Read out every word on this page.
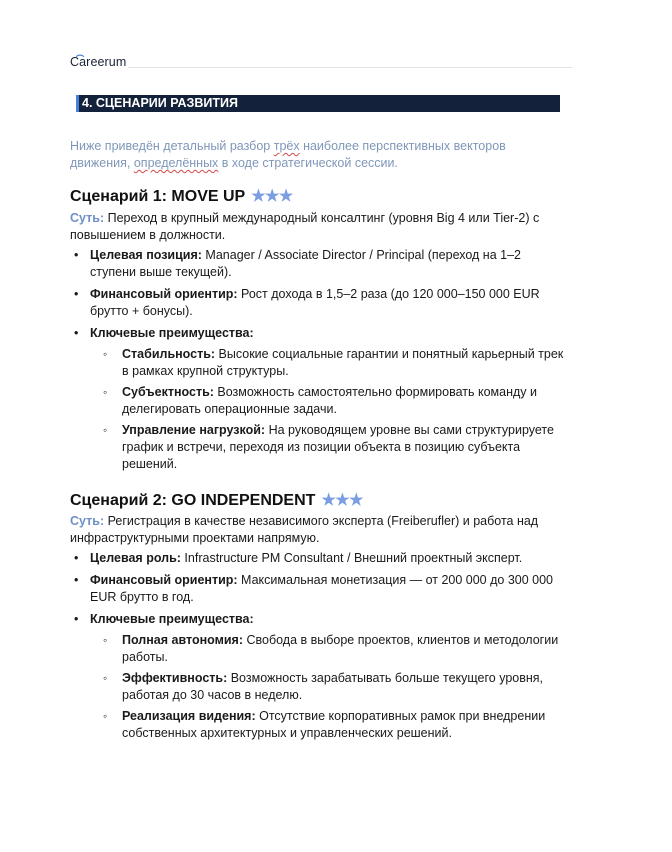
Careerum
4. СЦЕНАРИИ РАЗВИТИЯ
Ниже приведён детальный разбор трёх наиболее перспективных векторов движения, определённых в ходе стратегической сессии.
Сценарий 1: MOVE UP ★★★
Суть: Переход в крупный международный консалтинг (уровня Big 4 или Tier-2) с повышением в должности.
• Целевая позиция: Manager / Associate Director / Principal (переход на 1–2 ступени выше текущей).
• Финансовый ориентир: Рост дохода в 1,5–2 раза (до 120 000–150 000 EUR брутто + бонусы).
• Ключевые преимущества:
◦ Стабильность: Высокие социальные гарантии и понятный карьерный трек в рамках крупной структуры.
◦ Субъектность: Возможность самостоятельно формировать команду и делегировать операционные задачи.
◦ Управление нагрузкой: На руководящем уровне вы сами структурируете график и встречи, переходя из позиции объекта в позицию субъекта решений.
Сценарий 2: GO INDEPENDENT ★★★
Суть: Регистрация в качестве независимого эксперта (Freiberufler) и работа над инфраструктурными проектами напрямую.
• Целевая роль: Infrastructure PM Consultant / Внешний проектный эксперт.
• Финансовый ориентир: Максимальная монетизация — от 200 000 до 300 000 EUR брутто в год.
• Ключевые преимущества:
◦ Полная автономия: Свобода в выборе проектов, клиентов и методологии работы.
◦ Эффективность: Возможность зарабатывать больше текущего уровня, работая до 30 часов в неделю.
◦ Реализация видения: Отсутствие корпоративных рамок при внедрении собственных архитектурных и управленческих решений.
